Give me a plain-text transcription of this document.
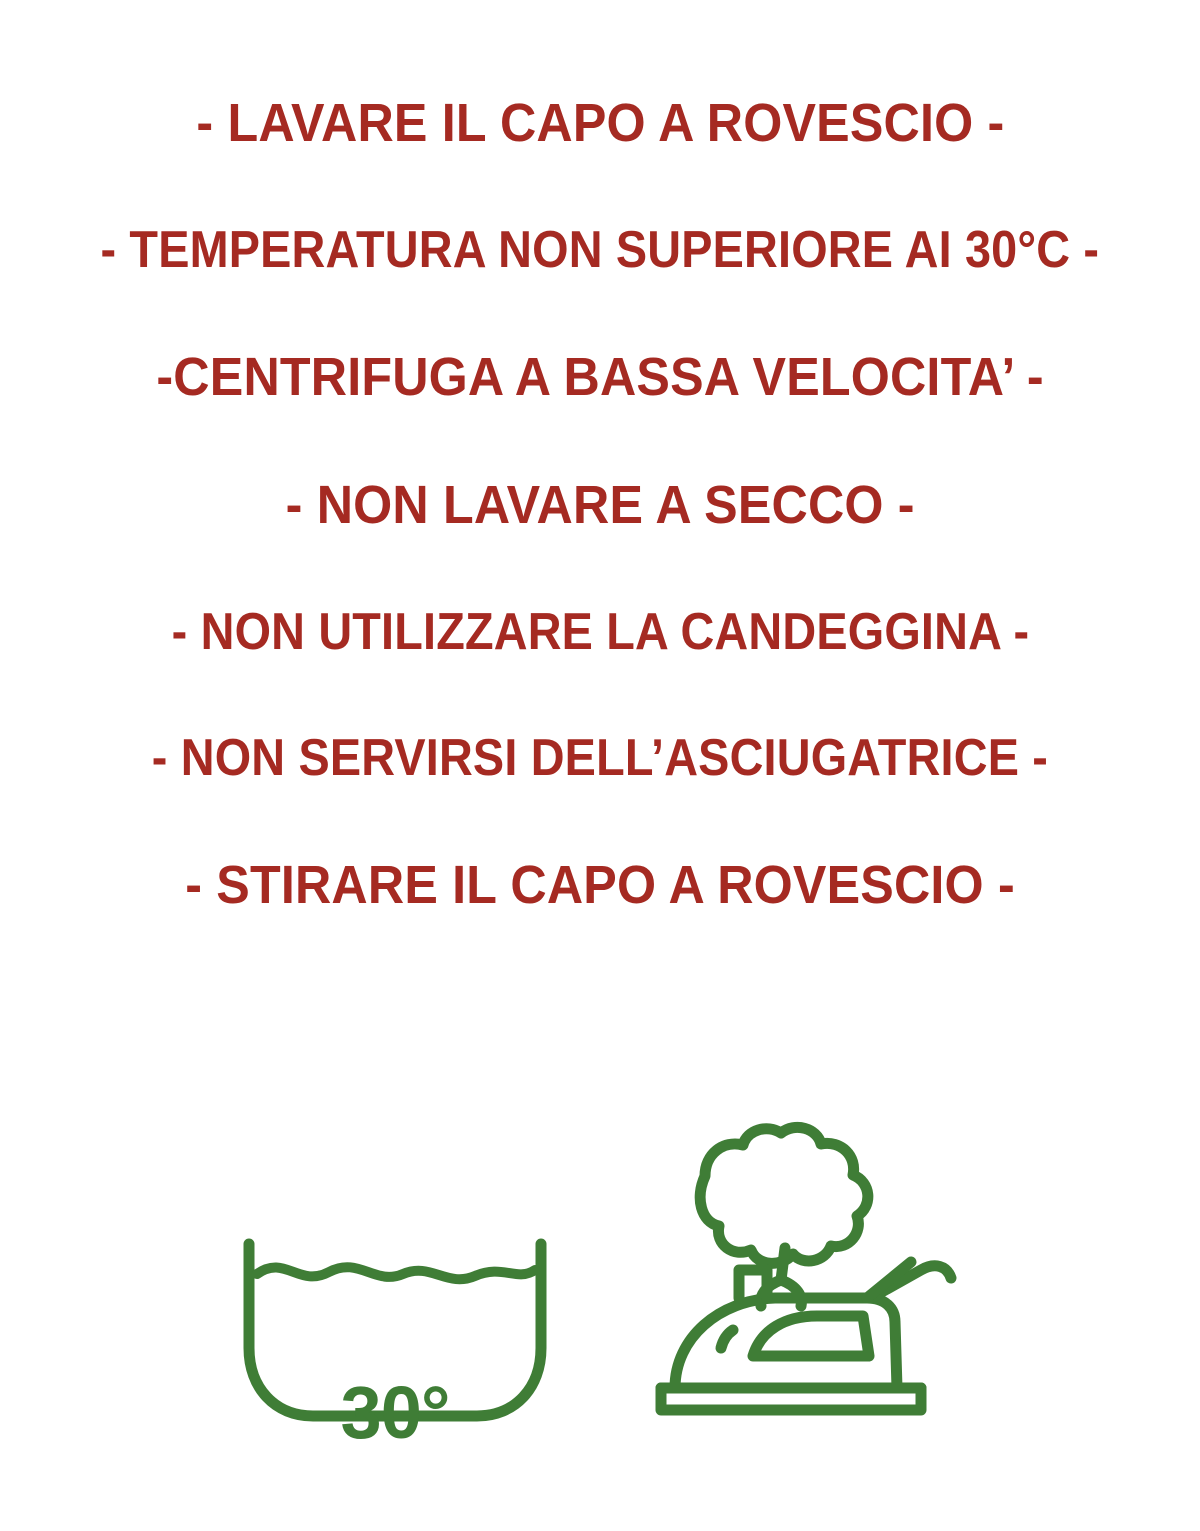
- LAVARE IL CAPO A ROVESCIO -

- TEMPERATURA NON SUPERIORE AI 30°C -

-CENTRIFUGA A BASSA VELOCITA’ -

- NON LAVARE A SECCO -

- NON UTILIZZARE LA CANDEGGINA -

- NON SERVIRSI DELL’ASCIUGATRICE -

- STIRARE IL CAPO A ROVESCIO -

30°
